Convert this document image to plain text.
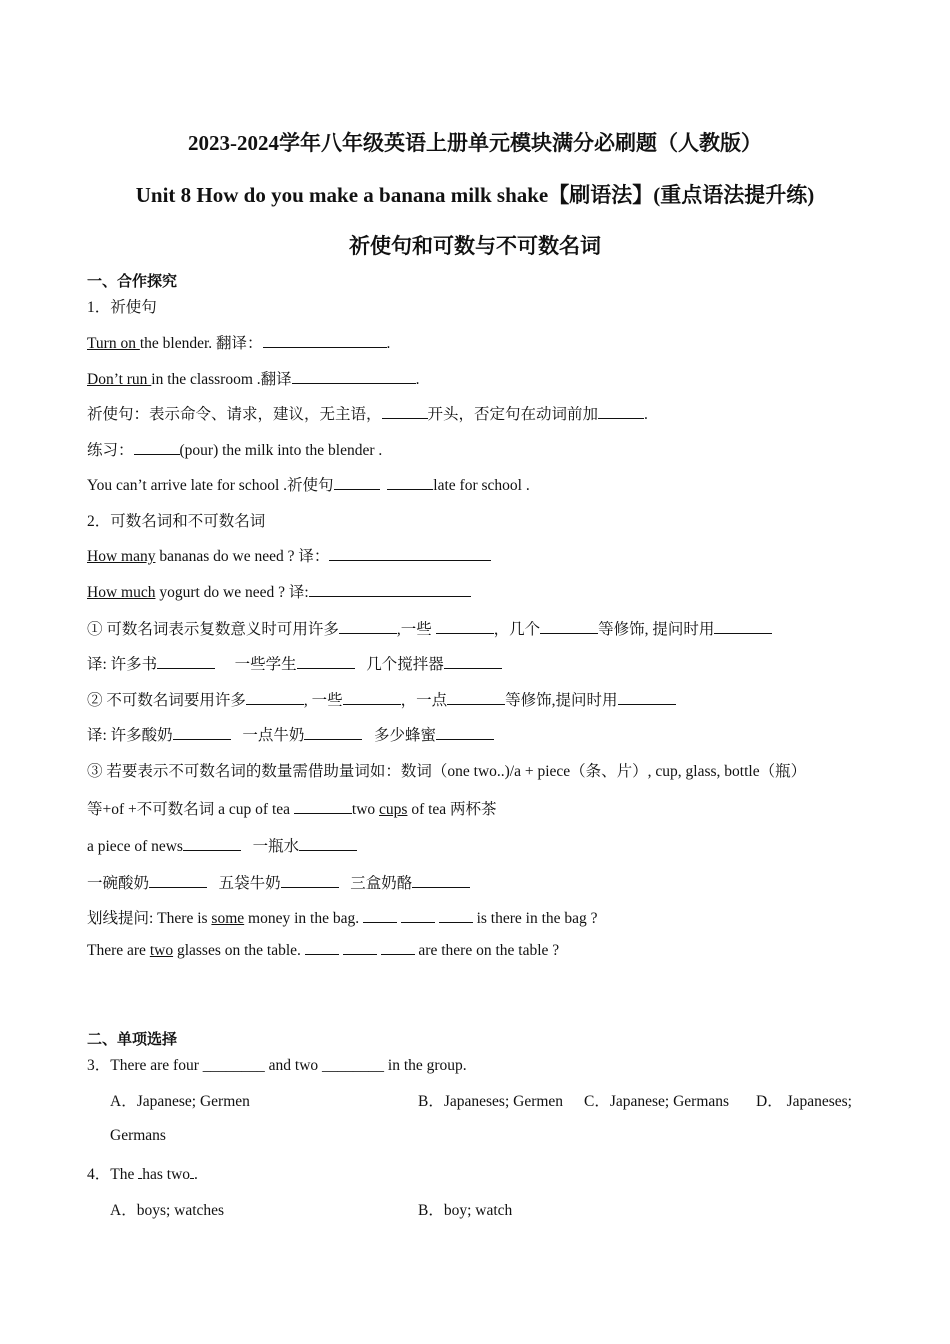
2023-2024学年八年级英语上册单元模块满分必刷题（人教版）
Unit 8 How do you make a banana milk shake【刷语法】(重点语法提升练)
祈使句和可数与不可数名词
一、合作探究
1．祈使句
Turn on the blender. 翻译：	.
Don’t run in the classroom .翻译	.
祈使句：表示命令、请求，建议，无主语，	开头，否定句在动词前加	.
练习：	(pour) the milk into the blender .
You can’t arrive late for school .祈使句	late for school .
2．可数名词和不可数名词
How many bananas do we need ? 译：
How much yogurt do we need ? 译:
① 可数名词表示复数意义时可用许多	,一些	，几个	等修饰, 提问时用
译: 许多书	一些学生	几个搅拌器
② 不可数名词要用许多	, 一些	，一点	等修饰,提问时用
译: 许多酸奶	一点牛奶	多少蜂蜜
③ 若要表示不可数名词的数量需借助量词如：数词（one two..)/a + piece（条、片）, cup, glass, bottle（瓶）
等+of +不可数名词 a cup of tea	two cups of tea 两杯茶
a piece of news	一瓶水
一碗酸奶	五袋牛奶	三盒奶酪
划线提问: There is some money in the bag.	is there in the bag ?
There are two glasses on the table.	are there on the table ?
二、单项选择
3．There are four ________ and two ________ in the group.
A．Japanese; Germen	B．Japaneses; Germen C．Japanese; Germans D． Japaneses;
Germans
4．The has two .
A．boys; watches	B．boy; watch
